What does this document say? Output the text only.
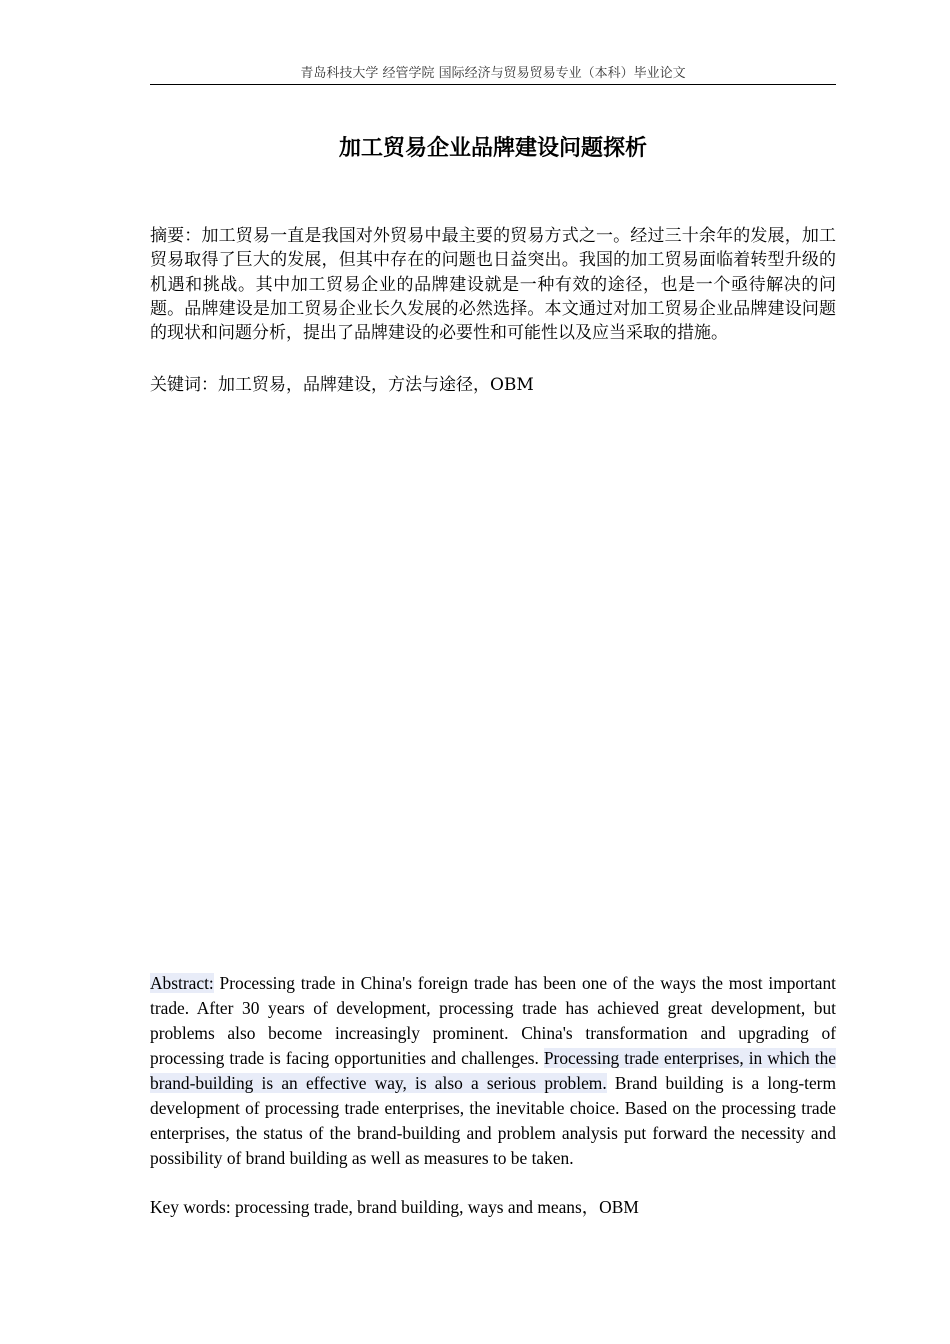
青岛科技大学 经管学院 国际经济与贸易贸易专业（本科）毕业论文
加工贸易企业品牌建设问题探析

摘要：加工贸易一直是我国对外贸易中最主要的贸易方式之一。经过三十余年的发展，加工贸易取得了巨大的发展，但其中存在的问题也日益突出。我国的加工贸易面临着转型升级的机遇和挑战。其中加工贸易企业的品牌建设就是一种有效的途径，也是一个亟待解决的问题。品牌建设是加工贸易企业长久发展的必然选择。本文通过对加工贸易企业品牌建设问题的现状和问题分析，提出了品牌建设的必要性和可能性以及应当采取的措施。

关键词：加工贸易，品牌建设，方法与途径，OBM

Abstract: Processing trade in China's foreign trade has been one of the ways the most important trade. After 30 years of development, processing trade has achieved great development, but problems also become increasingly prominent. China's transformation and upgrading of processing trade is facing opportunities and challenges. Processing trade enterprises, in which the brand-building is an effective way, is also a serious problem. Brand building is a long-term development of processing trade enterprises, the inevitable choice. Based on the processing trade enterprises, the status of the brand-building and problem analysis put forward the necessity and possibility of brand building as well as measures to be taken.

Key words: processing trade, brand building, ways and means，OBM
